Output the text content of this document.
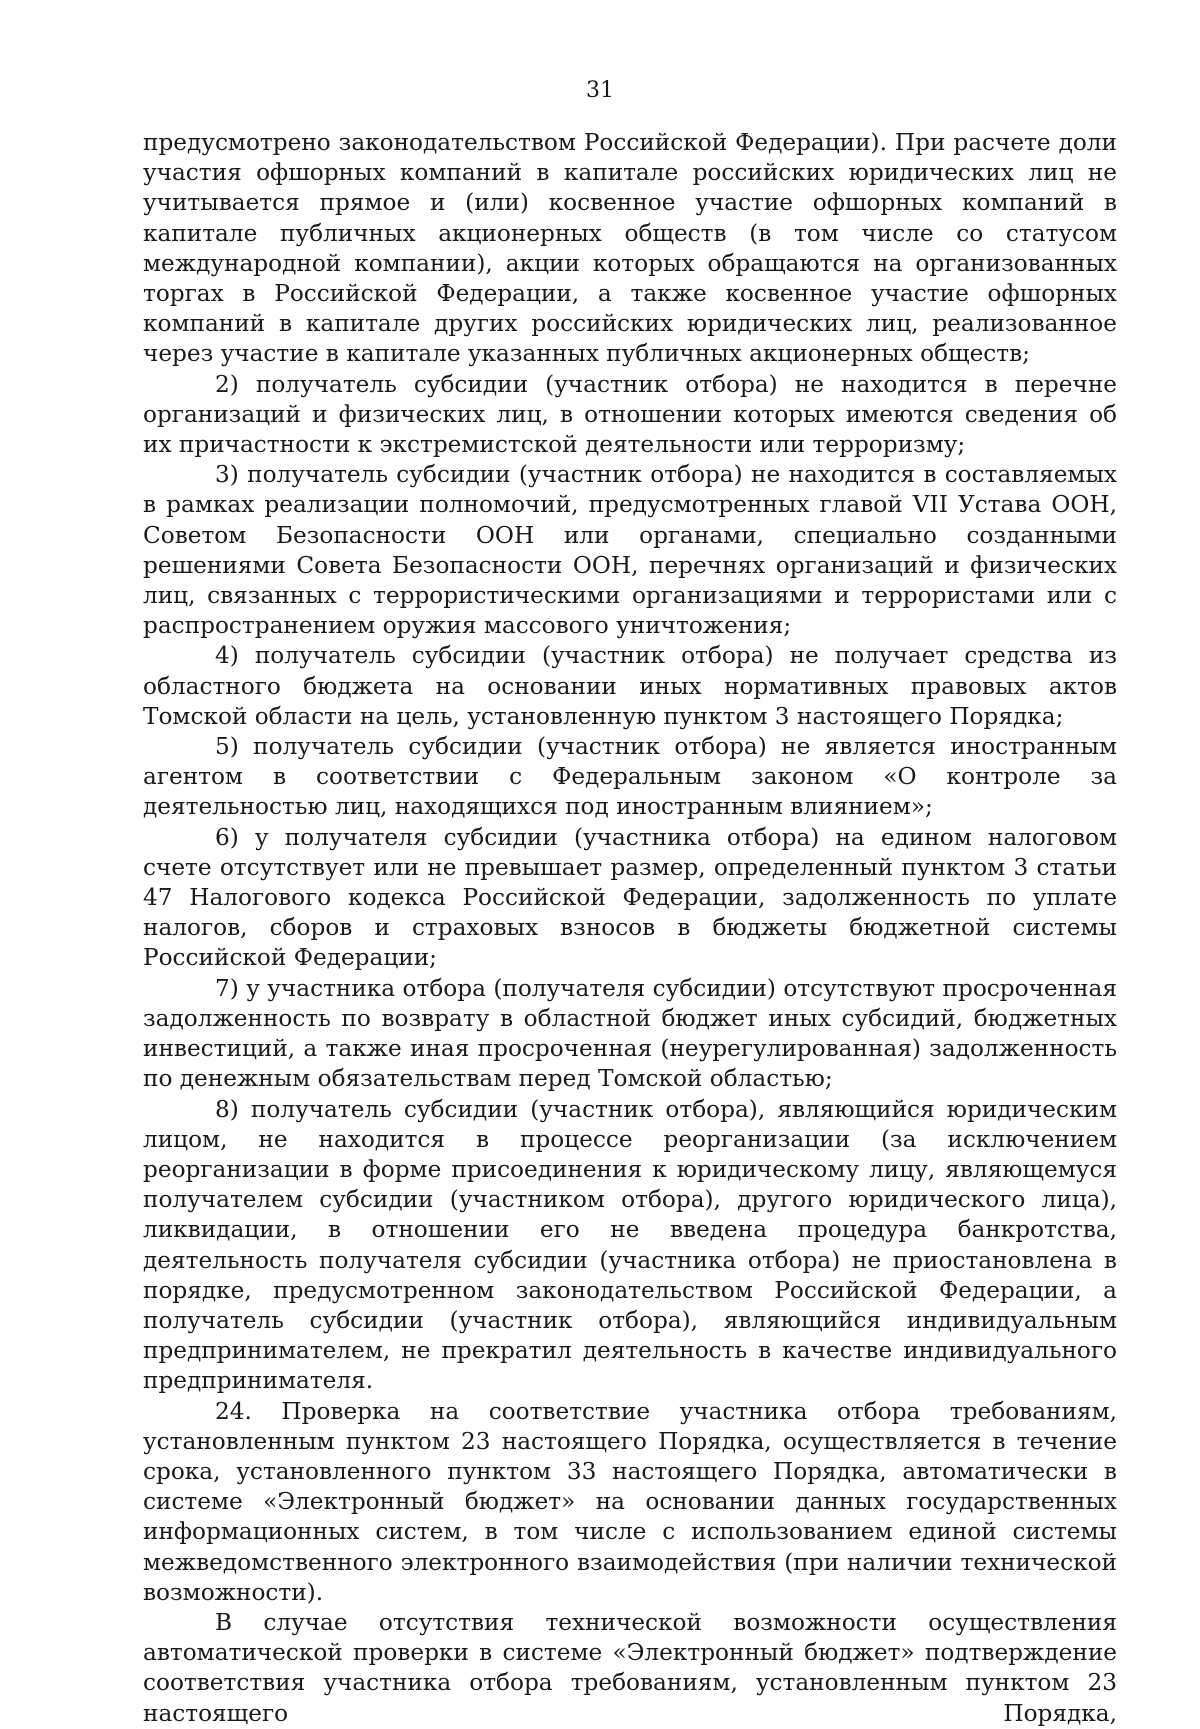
31

предусмотрено законодательством Российской Федерации). При расчете доли участия офшорных компаний в капитале российских юридических лиц не учитывается прямое и (или) косвенное участие офшорных компаний в капитале публичных акционерных обществ (в том числе со статусом международной компании), акции которых обращаются на организованных торгах в Российской Федерации, а также косвенное участие офшорных компаний в капитале других российских юридических лиц, реализованное через участие в капитале указанных публичных акционерных обществ;

2) получатель субсидии (участник отбора) не находится в перечне организаций и физических лиц, в отношении которых имеются сведения об их причастности к экстремистской деятельности или терроризму;

3) получатель субсидии (участник отбора) не находится в составляемых в рамках реализации полномочий, предусмотренных главой VII Устава ООН, Советом Безопасности ООН или органами, специально созданными решениями Совета Безопасности ООН, перечнях организаций и физических лиц, связанных с террористическими организациями и террористами или с распространением оружия массового уничтожения;

4) получатель субсидии (участник отбора) не получает средства из областного бюджета на основании иных нормативных правовых актов Томской области на цель, установленную пунктом 3 настоящего Порядка;

5) получатель субсидии (участник отбора) не является иностранным агентом в соответствии с Федеральным законом «О контроле за деятельностью лиц, находящихся под иностранным влиянием»;

6) у получателя субсидии (участника отбора) на едином налоговом счете отсутствует или не превышает размер, определенный пунктом 3 статьи 47 Налогового кодекса Российской Федерации, задолженность по уплате налогов, сборов и страховых взносов в бюджеты бюджетной системы Российской Федерации;

7) у участника отбора (получателя субсидии) отсутствуют просроченная задолженность по возврату в областной бюджет иных субсидий, бюджетных инвестиций, а также иная просроченная (неурегулированная) задолженность по денежным обязательствам перед Томской областью;

8) получатель субсидии (участник отбора), являющийся юридическим лицом, не находится в процессе реорганизации (за исключением реорганизации в форме присоединения к юридическому лицу, являющемуся получателем субсидии (участником отбора), другого юридического лица), ликвидации, в отношении его не введена процедура банкротства, деятельность получателя субсидии (участника отбора) не приостановлена в порядке, предусмотренном законодательством Российской Федерации, а получатель субсидии (участник отбора), являющийся индивидуальным предпринимателем, не прекратил деятельность в качестве индивидуального предпринимателя.

24. Проверка на соответствие участника отбора требованиям, установленным пунктом 23 настоящего Порядка, осуществляется в течение срока, установленного пунктом 33 настоящего Порядка, автоматически в системе «Электронный бюджет» на основании данных государственных информационных систем, в том числе с использованием единой системы межведомственного электронного взаимодействия (при наличии технической возможности).

В случае отсутствия технической возможности осуществления автоматической проверки в системе «Электронный бюджет» подтверждение соответствия участника отбора требованиям, установленным пунктом 23 настоящего Порядка,
